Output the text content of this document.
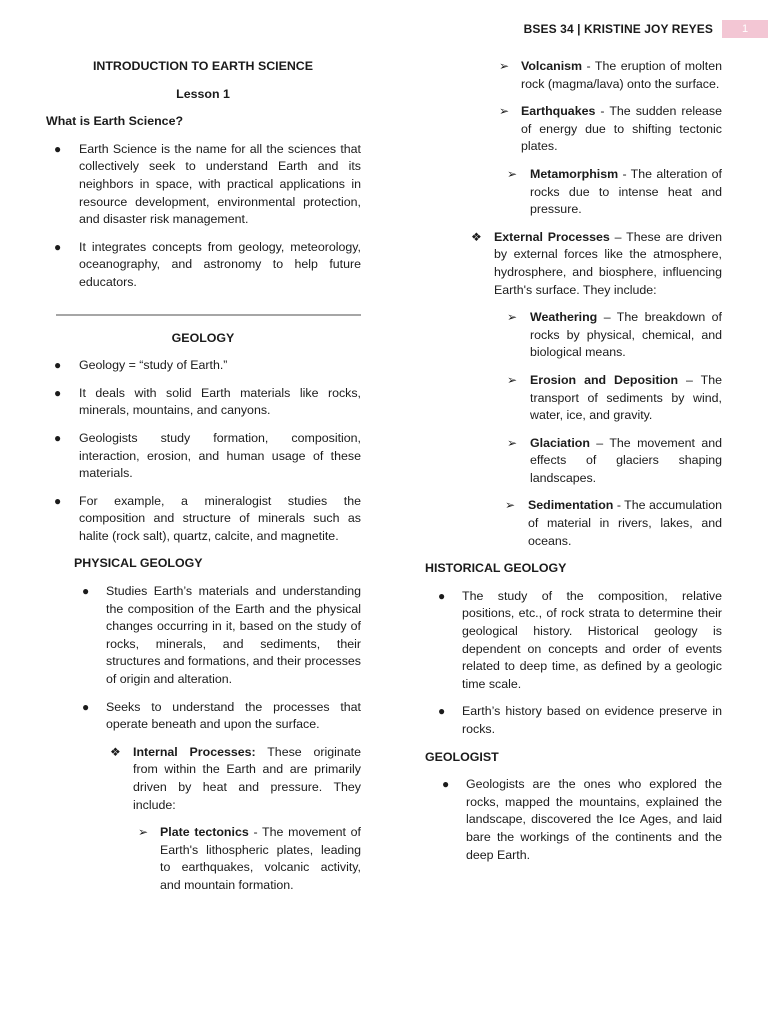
BSES 34 | KRISTINE JOY REYES	1
INTRODUCTION TO EARTH SCIENCE
Lesson 1
What is Earth Science?
● Earth Science is the name for all the sciences that collectively seek to understand Earth and its neighbors in space, with practical applications in resource development, environmental protection, and disaster risk management.
● It integrates concepts from geology, meteorology, oceanography, and astronomy to help future educators.
GEOLOGY
● Geology = “study of Earth.”
● It deals with solid Earth materials like rocks, minerals, mountains, and canyons.
● Geologists study formation, composition, interaction, erosion, and human usage of these materials.
● For example, a mineralogist studies the composition and structure of minerals such as halite (rock salt), quartz, calcite, and magnetite.
PHYSICAL GEOLOGY
● Studies Earth’s materials and understanding the composition of the Earth and the physical changes occurring in it, based on the study of rocks, minerals, and sediments, their structures and formations, and their processes of origin and alteration.
● Seeks to understand the processes that operate beneath and upon the surface.
❖ Internal Processes: These originate from within the Earth and are primarily driven by heat and pressure. They include:
➢ Plate tectonics - The movement of Earth's lithospheric plates, leading to earthquakes, volcanic activity, and mountain formation.
➢ Volcanism - The eruption of molten rock (magma/lava) onto the surface.
➢ Earthquakes - The sudden release of energy due to shifting tectonic plates.
➢ Metamorphism - The alteration of rocks due to intense heat and pressure.
❖ External Processes – These are driven by external forces like the atmosphere, hydrosphere, and biosphere, influencing Earth's surface. They include:
➢ Weathering – The breakdown of rocks by physical, chemical, and biological means.
➢ Erosion and Deposition – The transport of sediments by wind, water, ice, and gravity.
➢ Glaciation – The movement and effects of glaciers shaping landscapes.
➢ Sedimentation - The accumulation of material in rivers, lakes, and oceans.
HISTORICAL GEOLOGY
● The study of the composition, relative positions, etc., of rock strata to determine their geological history. Historical geology is dependent on concepts and order of events related to deep time, as defined by a geologic time scale.
● Earth’s history based on evidence preserve in rocks.
GEOLOGIST
● Geologists are the ones who explored the rocks, mapped the mountains, explained the landscape, discovered the Ice Ages, and laid bare the workings of the continents and the deep Earth.
